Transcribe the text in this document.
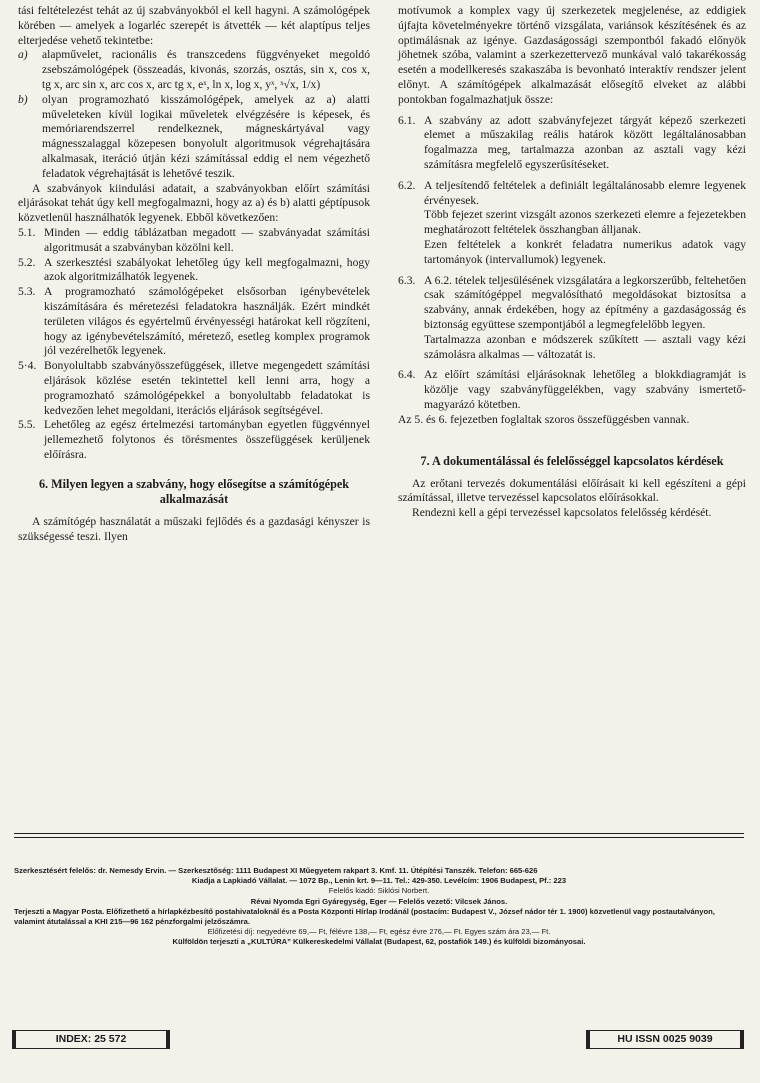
tási feltételezést tehát az új szabványokból el kell hagyni. A számológépek körében — amelyek a logarléc szerepét is átvették — két alaptípus teljes elterjedése vehető tekintetbe:

a)	alapművelet, racionális és transzcedens függvényeket megoldó zsebszámológépek (összeadás, kivonás, szorzás, osztás, sin x, cos x, tg x, arc sin x, arc cos x, arc tg x, eˣ, ln x, log x, yˣ, ˣ√x, 1/x)
b)	olyan programozható kisszámológépek, amelyek az a) alatti műveleteken kívül logikai műveletek elvégzésére is képesek, és memóriarendszerrel rendelkeznek, mágneskártyával vagy mágnesszalaggal közepesen bonyolult algoritmusok végrehajtására alkalmasak, iteráció útján kézi számítással eddig el nem végezhető feladatok végrehajtását is lehetővé teszik.

A szabványok kiindulási adatait, a szabványokban előírt számítási eljárásokat tehát úgy kell megfogalmazni, hogy az a) és b) alatti géptípusok közvetlenül használhatók legyenek. Ebből következően:

5.1. Minden — eddig táblázatban megadott — szabványadat számítási algoritmusát a szabványban közölni kell.
5.2. A szerkesztési szabályokat lehetőleg úgy kell megfogalmazni, hogy azok algoritmizálhatók legyenek.
5.3. A programozható számológépeket elsősorban igénybevételek kiszámítására és méretezési feladatokra használják. Ezért mindkét területen világos és egyértelmű érvényességi határokat kell rögzíteni, hogy az igénybevételszámító, méretező, esetleg komplex programok jól vezérelhetők legyenek.
5·4. Bonyolultabb szabványösszefüggések, illetve megengedett számítási eljárások közlése esetén tekintettel kell lenni arra, hogy a programozható számológépekkel a bonyolultabb feladatokat is kedvezően lehet megoldani, iterációs eljárások segítségével.
5.5. Lehetőleg az egész értelmezési tartományban egyetlen függvénnyel jellemezhető folytonos és törésmentes összefüggések kerüljenek előírásra.
6. Milyen legyen a szabvány, hogy elősegítse a számítógépek alkalmazását

A számítógép használatát a műszaki fejlődés és a gazdasági kényszer is szükségessé teszi. Ilyen

motívumok a komplex vagy új szerkezetek megjelenése, az eddigiek újfajta követelményekre történő vizsgálata, variánsok készítésének és az optimálásnak az igénye. Gazdaságossági szempontból fakadó előnyök jöhetnek szóba, valamint a szerkezettervező munkával való takarékosság esetén a modellkeresés szakaszába is bevonható interaktív rendszer jelent előnyt. A számítógépek alkalmazását elősegítő elveket az alábbi pontokban fogalmazhatjuk össze:

6.1. A szabvány az adott szabványfejezet tárgyát képező szerkezeti elemet a műszakilag reális határok között legáltalánosabban fogalmazza meg, tartalmazza azonban az asztali vagy kézi számításra megfelelő egyszerűsítéseket.

6.2. A teljesítendő feltételek a definiált legáltalánosabb elemre legyenek érvényesek.

Több fejezet szerint vizsgált azonos szerkezeti elemre a fejezetekben meghatározott feltételek összhangban álljanak.

Ezen feltételek a konkrét feladatra numerikus adatok vagy tartományok (intervallumok) legyenek.

6.3. A 6.2. tételek teljesülésének vizsgálatára a legkorszerűbb, feltehetően csak számítógéppel megvalósítható megoldásokat biztosítsa a szabvány, annak érdekében, hogy az építmény a gazdaságosság és biztonság együttese szempontjából a legmegfelelőbb legyen.

Tartalmazza azonban e módszerek szűkített — asztali vagy kézi számolásra alkalmas — változatát is.

6.4. Az előírt számítási eljárásoknak lehetőleg a blokkdiagramját is közölje vagy szabványfüggelékben, vagy szabvány ismertető-magyarázó kötetben.

Az 5. és 6. fejezetben foglaltak szoros összefüggésben vannak.

7. A dokumentálással és felelősséggel kapcsolatos kérdések

Az erőtani tervezés dokumentálási előírásait ki kell egészíteni a gépi számítással, illetve tervezéssel kapcsolatos előírásokkal.

Rendezni kell a gépi tervezéssel kapcsolatos felelősség kérdését.

Szerkesztésért felelős: dr. Nemesdy Ervin. — Szerkesztőség: 1111 Budapest XI Műegyetem rakpart 3. Kmf. 11. Útépítési Tanszék. Telefon: 665-626

Kiadja a Lapkiadó Vállalat. — 1072 Bp., Lenin krt. 9—11. Tel.: 429-350. Levélcím: 1906 Budapest, Pf.: 223

Felelős kiadó: Siklósi Norbert.

Révai Nyomda Egri Gyáregység, Eger — Felelős vezető: Vilcsek János.

Terjeszti a Magyar Posta. Előfizethető a hírlapkézbesítő postahivataloknál és a Posta Központi Hírlap Irodánál (postacím: Budapest V., József nádor tér 1. 1900) közvetlenül vagy postautalványon, valamint átutalással a KHI 215—96 162 pénzforgalmi jelzőszámra.

Előfizetési díj: negyedévre 69,— Ft, félévre 138,— Ft, egész évre 276,— Ft. Egyes szám ára 23,— Ft.

Külföldön terjeszti a „KULTÚRA” Külkereskedelmi Vállalat (Budapest, 62, postafiók 149.) és külföldi bizományosai.

INDEX: 25 572	HU ISSN 0025 9039
